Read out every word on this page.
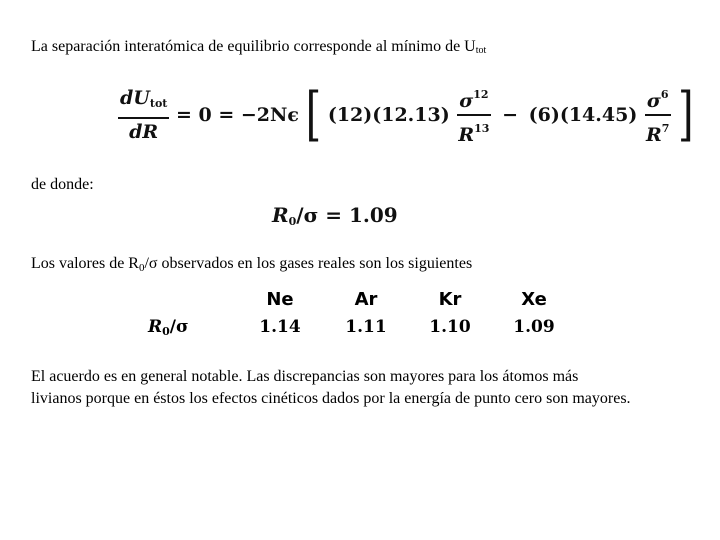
La separación interatómica de equilibrio corresponde al mínimo de Utot
$\frac{\text{dUtot}}{dR} = 0 = -2N\epsilon$ [ $(12)(12.13) \frac{\sigma^{12}}{R^{13}} - (6)(14.45) \frac{\sigma^6}{R^7}$ ]
de donde:
R0/σ = 1.09
Los valores de $R_0/\sigma$ observados en los gases reales son los siguientes
	Ne	Ar	Kr	Xe
R0/σ	1.14	1.11	1.10	1.09
El acuerdo es en general notable. Las discrepancias son mayores para los átomos más
livianos porque en éstos los efectos cinéticos dados por la energía de punto cero son mayores.
